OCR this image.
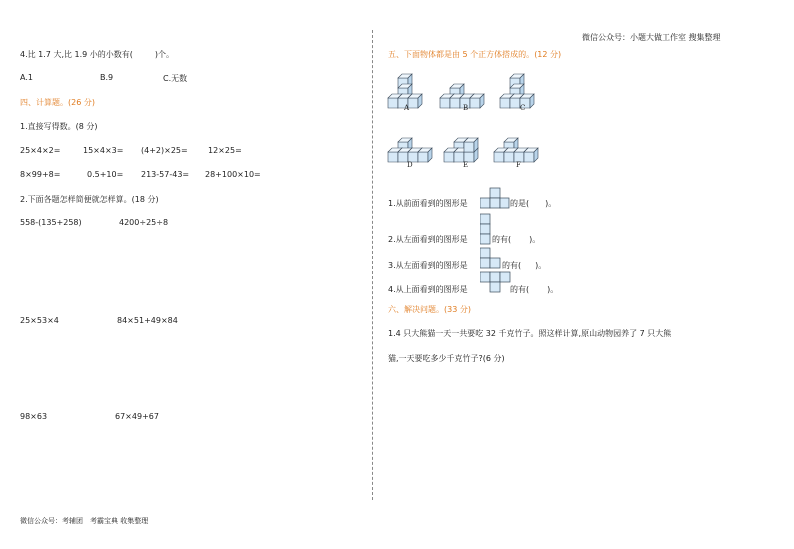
微信公众号：小题大做工作室 搜集整理
微信公众号：考辅团　考霸宝典 收集整理
4.比 1.7 大,比 1.9 小的小数有(	)个。
A.1	B.9	C.无数
四、计算题。(26 分)
1.直接写得数。(8 分)
25×4×2=	15×4×3= (4+2)×25=	12×25=
8×99+8=	0.5+10= 213-57-43= 28+100×10=
2.下面各题怎样简便就怎样算。(18 分)
558-(135+258)	4200÷25÷8
25×53×4	84×51+49×84
98×63	67×49+67
五、下面物体都是由 5 个正方体搭成的。(12 分)
A	B	C
D	E	F
1.从前面看到的图形是	的是( )。
2.从左面看到的图形是	的有( )。
3.从左面看到的图形是	的有( )。
4.从上面看到的图形是	的有( )。
六、解决问题。(33 分)
1.4 只大熊猫一天一共要吃 32 千克竹子。照这样计算,原山动物园养了 7 只大熊
猫,一天要吃多少千克竹子?(6 分)
